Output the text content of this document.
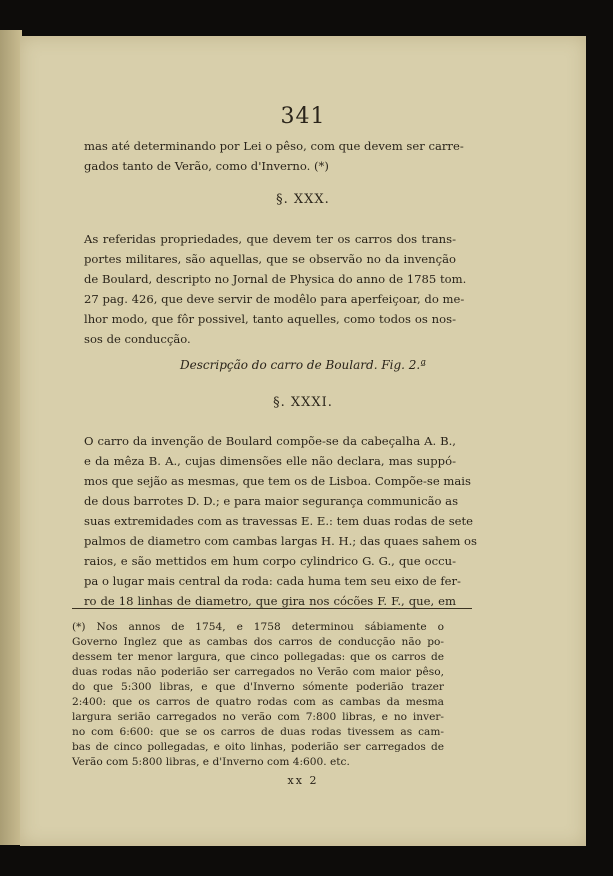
341
mas até determinando por Lei o pêso, com que devem ser carre-
gados tanto de Verão, como d'Inverno. (*)
§. XXX.
As referidas propriedades, que devem ter os carros dos trans-
portes militares, são aquellas, que se observão no da invenção
de Boulard, descripto no Jornal de Physica do anno de 1785 tom.
27 pag. 426, que deve servir de modêlo para aperfeiçoar, do me-
lhor modo, que fôr possivel, tanto aquelles, como todos os nos-
sos de conducção.
Descripção do carro de Boulard. Fig. 2.ª
§. XXXI.
O carro da invenção de Boulard compõe-se da cabeçalha A. B.,
e da mêza B. A., cujas dimensões elle não declara, mas suppó-
mos que sejão as mesmas, que tem os de Lisboa. Compõe-se mais
de dous barrotes D. D.; e para maior segurança communicão as
suas extremidades com as travessas E. E.: tem duas rodas de sete
palmos de diametro com cambas largas H. H.; das quaes sahem os
raios, e são mettidos em hum corpo cylindrico G. G., que occu-
pa o lugar mais central da roda: cada huma tem seu eixo de fer-
ro de 18 linhas de diametro, que gira nos cócões F. F., que, em
(*) Nos annos de 1754, e 1758 determinou sábiamente o
Governo Inglez que as cambas dos carros de conducção não po-
dessem ter menor largura, que cinco pollegadas: que os carros de
duas rodas não poderião ser carregados no Verão com maior pêso,
do que 5:300 libras, e que d'Inverno sómente poderião trazer
2:400: que os carros de quatro rodas com as cambas da mesma
largura serião carregados no verão com 7:800 libras, e no inver-
no com 6:600: que se os carros de duas rodas tivessem as cam-
bas de cinco pollegadas, e oito linhas, poderião ser carregados de
Verão com 5:800 libras, e d'Inverno com 4:600. etc.
xx 2
